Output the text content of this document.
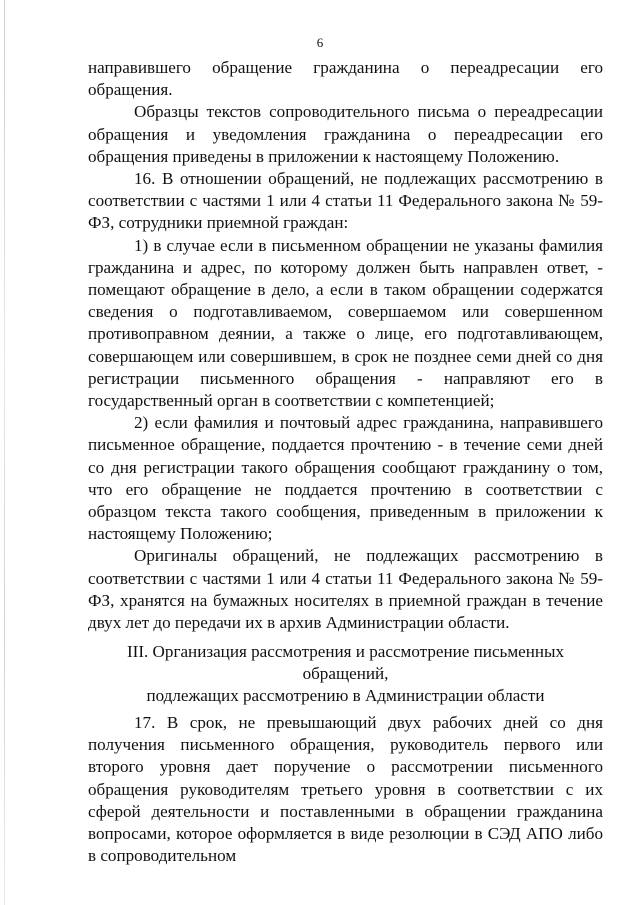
6

направившего обращение гражданина о переадресации его обращения.

Образцы текстов сопроводительного письма о переадресации обращения и уведомления гражданина о переадресации его обращения приведены в приложении к настоящему Положению.

16. В отношении обращений, не подлежащих рассмотрению в соответствии с частями 1 или 4 статьи 11 Федерального закона № 59-ФЗ, сотрудники приемной граждан:

1) в случае если в письменном обращении не указаны фамилия гражданина и адрес, по которому должен быть направлен ответ, - помещают обращение в дело, а если в таком обращении содержатся сведения о подготавливаемом, совершаемом или совершенном противоправном деянии, а также о лице, его подготавливающем, совершающем или совершившем, в срок не позднее семи дней со дня регистрации письменного обращения - направляют его в государственный орган в соответствии с компетенцией;

2) если фамилия и почтовый адрес гражданина, направившего письменное обращение, поддается прочтению - в течение семи дней со дня регистрации такого обращения сообщают гражданину о том, что его обращение не поддается прочтению в соответствии с образцом текста такого сообщения, приведенным в приложении к настоящему Положению;

Оригиналы обращений, не подлежащих рассмотрению в соответствии с частями 1 или 4 статьи 11 Федерального закона № 59-ФЗ, хранятся на бумажных носителях в приемной граждан в течение двух лет до передачи их в архив Администрации области.

III. Организация рассмотрения и рассмотрение письменных обращений,
подлежащих рассмотрению в Администрации области

17. В срок, не превышающий двух рабочих дней со дня получения письменного обращения, руководитель первого или второго уровня дает поручение о рассмотрении письменного обращения руководителям третьего уровня в соответствии с их сферой деятельности и поставленными в обращении гражданина вопросами, которое оформляется в виде резолюции в СЭД АПО либо в сопроводительном
